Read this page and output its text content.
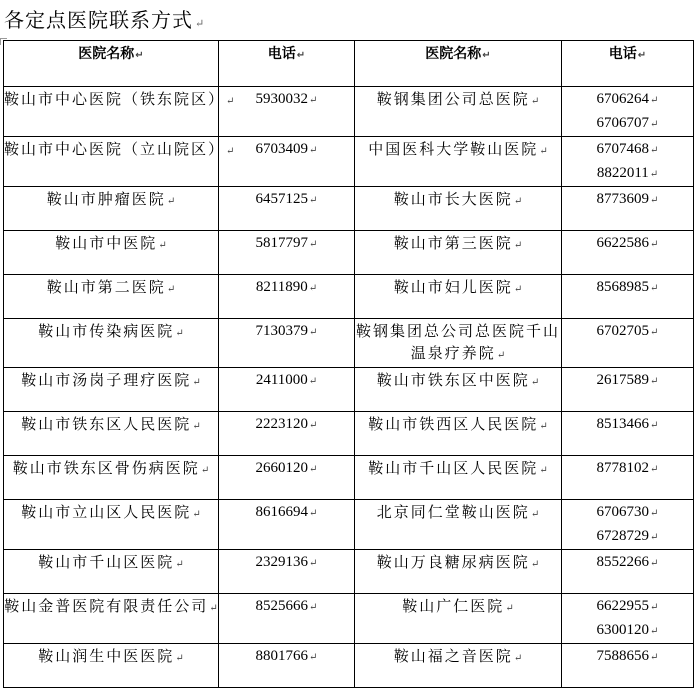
各定点医院联系方式 ↵
医院名称↵	电话↵	医院名称↵	电话↵

鞍山市中心医院（铁东院区）↵	5930032↵	鞍钢集团公司总医院↵	6706264↵
6706707↵

鞍山市中心医院（立山院区）↵	6703409↵	中国医科大学鞍山医院↵	6707468↵
8822011↵

鞍山市肿瘤医院↵	6457125↵	鞍山市长大医院↵	8773609↵

鞍山市中医院↵	5817797↵	鞍山市第三医院↵	6622586↵

鞍山市第二医院↵	8211890↵	鞍山市妇儿医院↵	8568985↵

鞍山市传染病医院↵	7130379↵	鞍钢集团总公司总医院千山
温泉疗养院↵	6702705↵

鞍山市汤岗子理疗医院↵	2411000↵	鞍山市铁东区中医院↵	2617589↵

鞍山市铁东区人民医院↵	2223120↵	鞍山市铁西区人民医院↵	8513466↵

鞍山市铁东区骨伤病医院↵	2660120↵	鞍山市千山区人民医院↵	8778102↵

鞍山市立山区人民医院↵	8616694↵	北京同仁堂鞍山医院↵	6706730↵
6728729↵

鞍山市千山区医院↵	2329136↵	鞍山万良糖尿病医院↵	8552266↵

鞍山金普医院有限责任公司↵	8525666↵	鞍山广仁医院↵	6622955↵
6300120↵

鞍山润生中医医院↵	8801766↵	鞍山福之音医院↵	7588656↵
